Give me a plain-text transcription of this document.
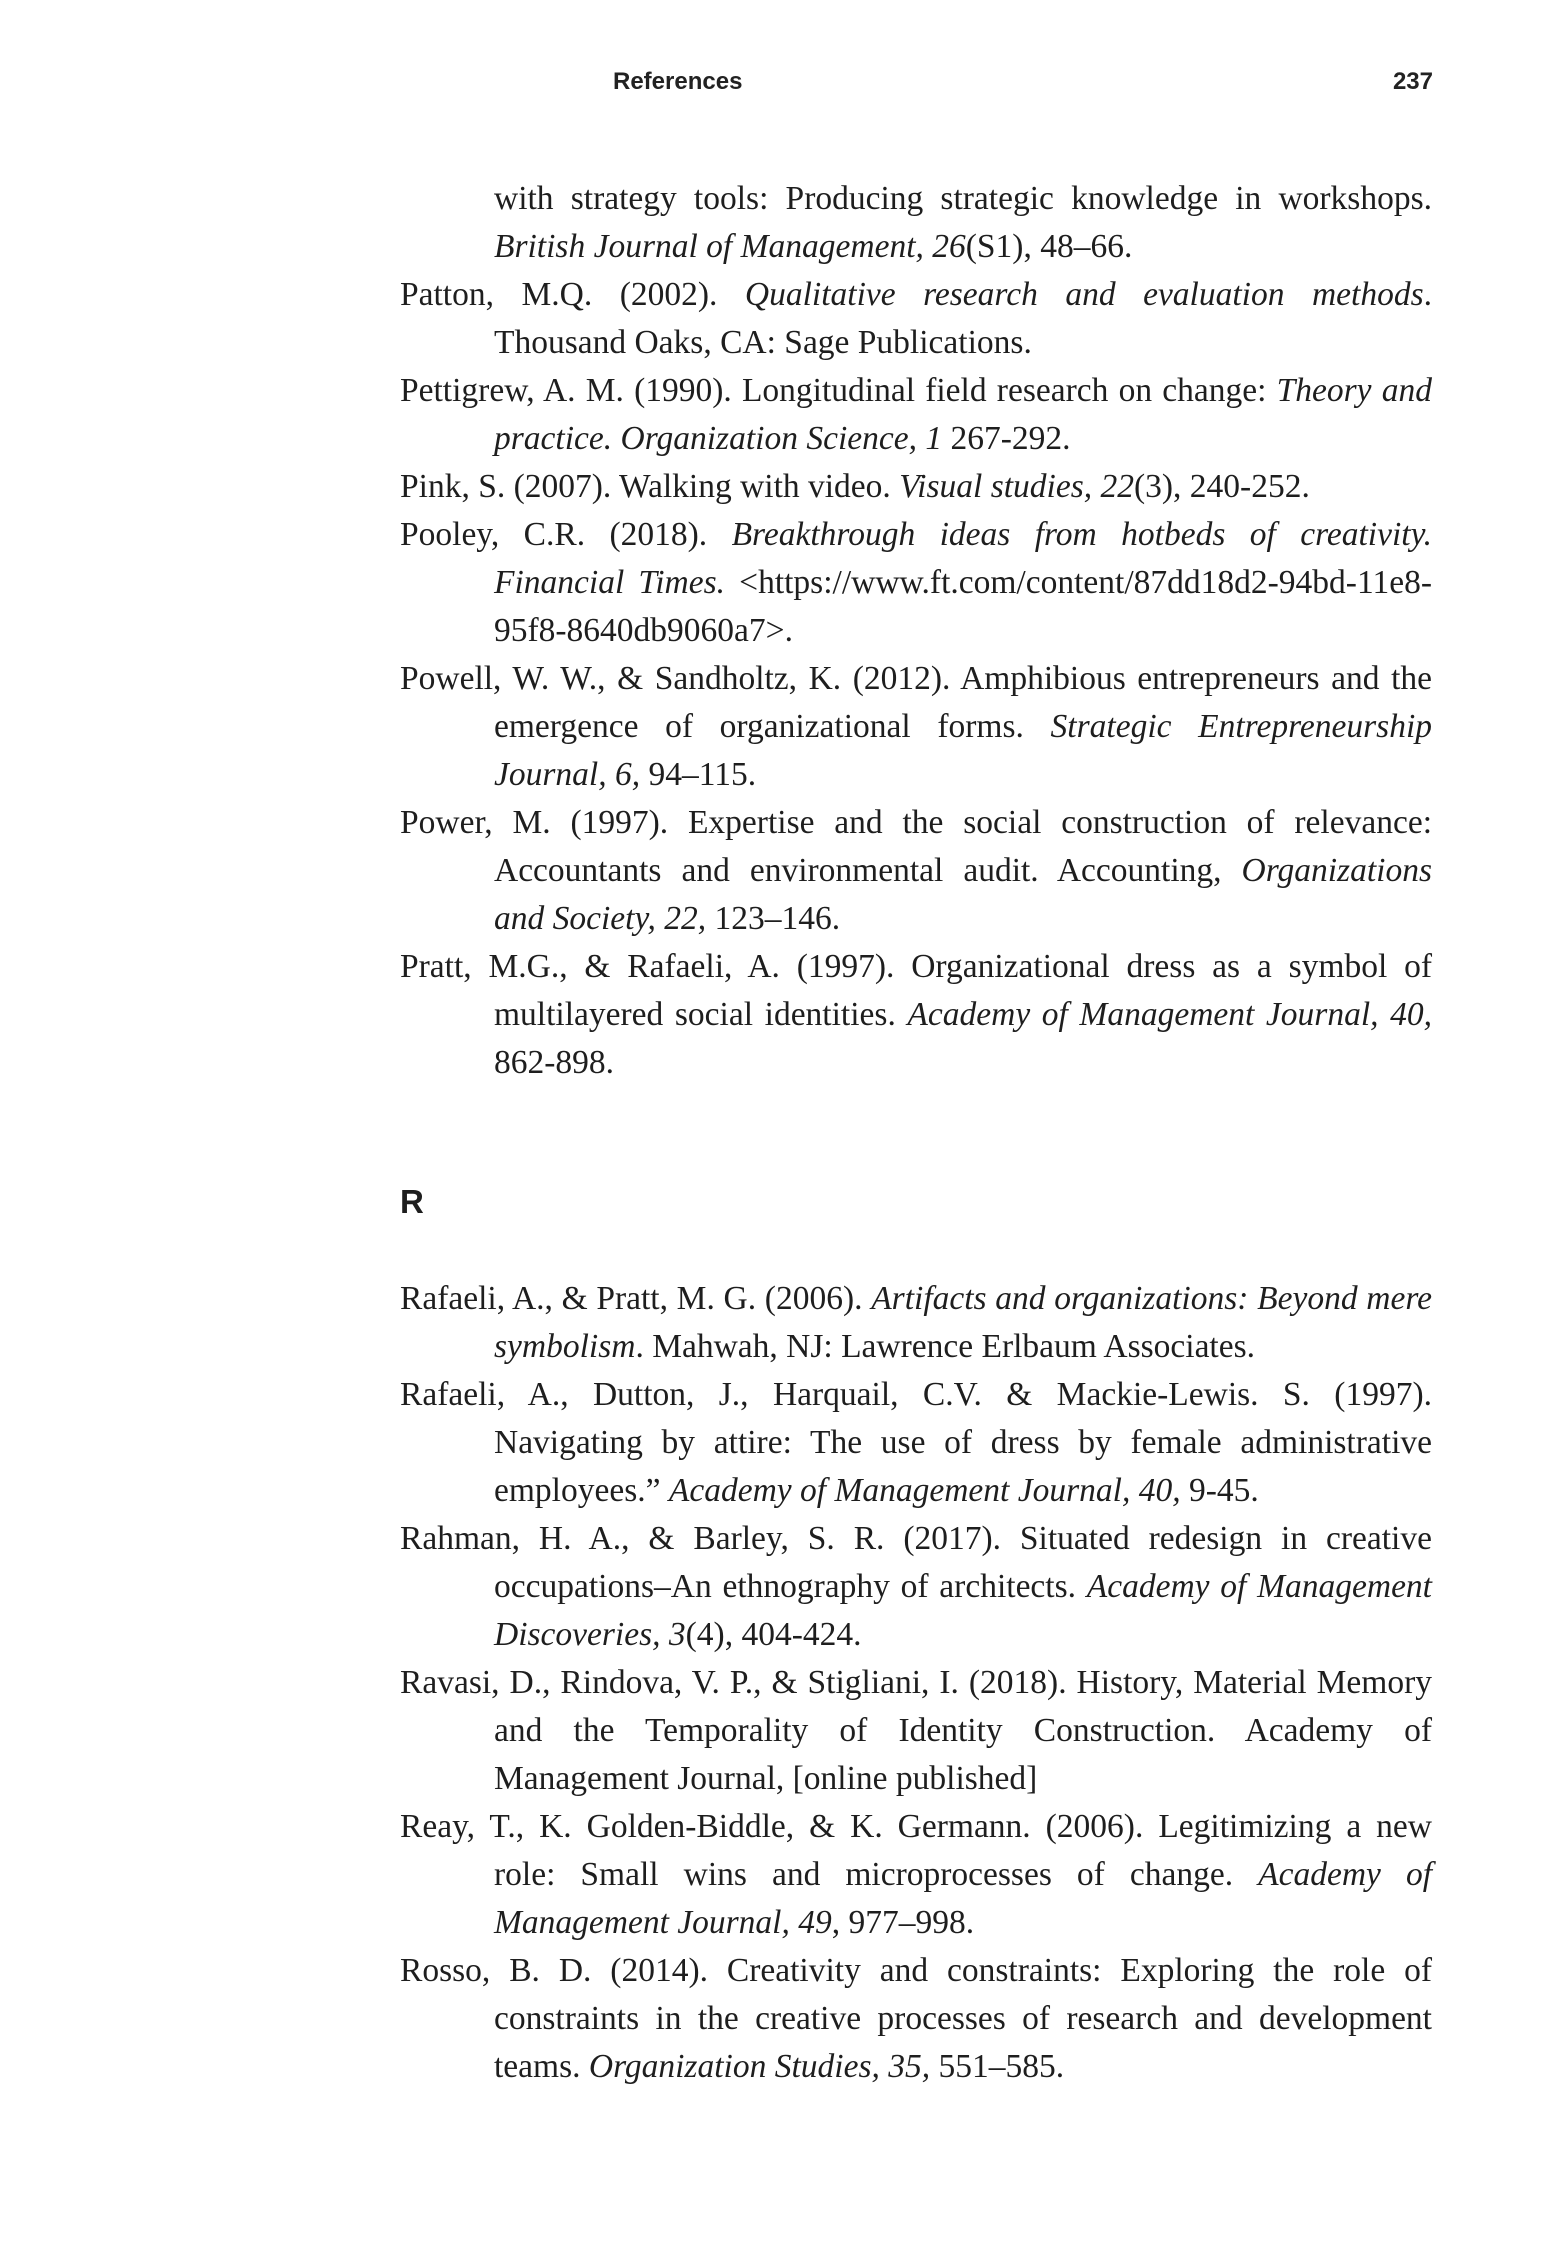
References	237

with strategy tools: Producing strategic knowledge in workshops. British Journal of Management, 26(S1), 48–66.

Patton, M.Q. (2002). Qualitative research and evaluation methods. Thousand Oaks, CA: Sage Publications.

Pettigrew, A. M. (1990). Longitudinal field research on change: Theory and practice. Organization Science, 1 267-292.

Pink, S. (2007). Walking with video. Visual studies, 22(3), 240-252.

Pooley, C.R. (2018). Breakthrough ideas from hotbeds of creativity. Financial Times. <https://www.ft.com/content/87dd18d2-94bd-11e8-95f8-8640db9060a7>.

Powell, W. W., & Sandholtz, K. (2012). Amphibious entrepreneurs and the emergence of organizational forms. Strategic Entrepreneurship Journal, 6, 94–115.

Power, M. (1997). Expertise and the social construction of relevance: Accountants and environmental audit. Accounting, Organizations and Society, 22, 123–146.

Pratt, M.G., & Rafaeli, A. (1997). Organizational dress as a symbol of multilayered social identities. Academy of Management Journal, 40, 862-898.

R

Rafaeli, A., & Pratt, M. G. (2006). Artifacts and organizations: Beyond mere symbolism. Mahwah, NJ: Lawrence Erlbaum Associates.

Rafaeli, A., Dutton, J., Harquail, C.V. & Mackie-Lewis. S. (1997). Navigating by attire: The use of dress by female administrative employees.” Academy of Management Journal, 40, 9-45.

Rahman, H. A., & Barley, S. R. (2017). Situated redesign in creative occupations–An ethnography of architects. Academy of Management Discoveries, 3(4), 404-424.

Ravasi, D., Rindova, V. P., & Stigliani, I. (2018). History, Material Memory and the Temporality of Identity Construction. Academy of Management Journal, [online published]

Reay, T., K. Golden-Biddle, & K. Germann. (2006). Legitimizing a new role: Small wins and microprocesses of change. Academy of Management Journal, 49, 977–998.

Rosso, B. D. (2014). Creativity and constraints: Exploring the role of constraints in the creative processes of research and development teams. Organization Studies, 35, 551–585.
